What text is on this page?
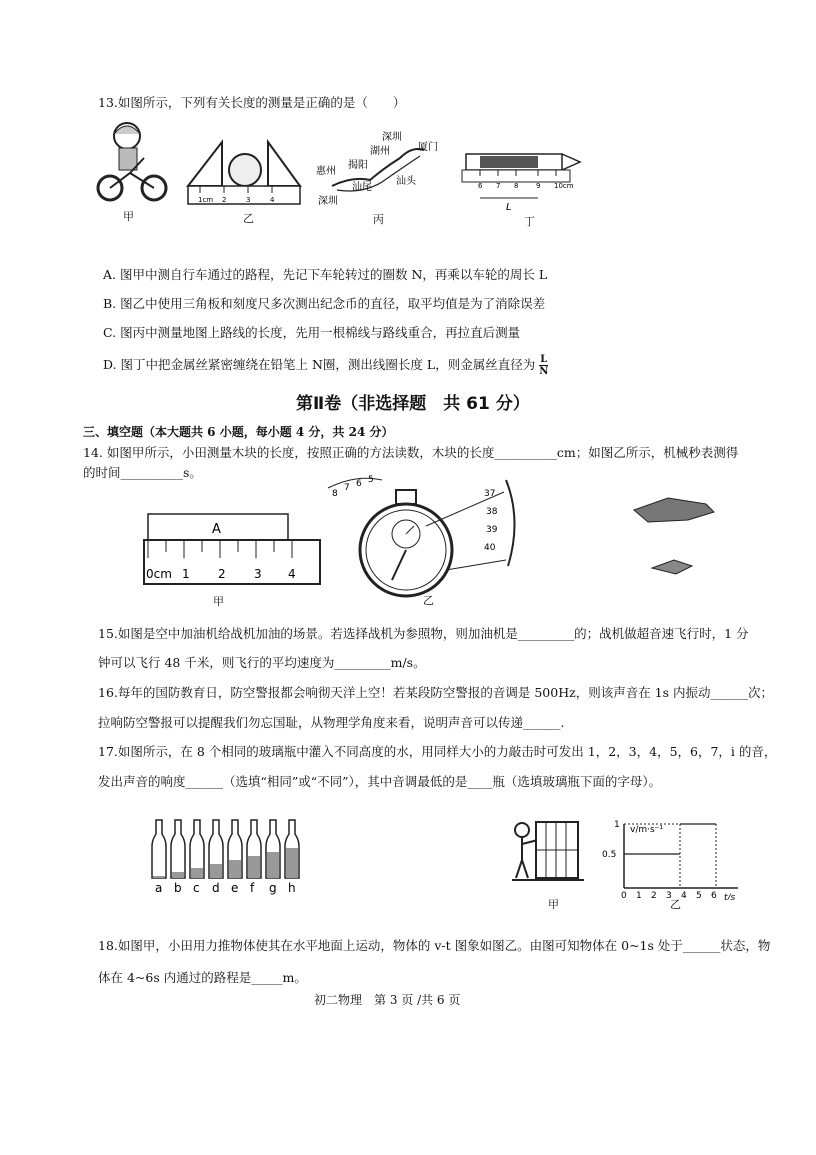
13.如图所示，下列有关长度的测量是正确的是（　　）
甲
1cm 2	3	4
乙
深圳
湖州	厦门
惠州
揭阳
汕尾
汕头
深圳
丙
6 7 8	9 10cm
L
丁
A. 图甲中测自行车通过的路程，先记下车轮转过的圈数 N，再乘以车轮的周长 L
B. 图乙中使用三角板和刻度尺多次测出纪念币的直径，取平均值是为了消除误差
C. 图丙中测量地图上路线的长度，先用一根棉线与路线重合，再拉直后测量
D. 图丁中把金属丝紧密缠绕在铅笔上 N圈，测出线圈长度 L，则金属丝直径为 $\frac{L}{N}$
第Ⅱ卷（非选择题　共 61 分）
三、填空题（本大题共 6 小题，每小题 4 分，共 24 分）
14. 如图甲所示，小田测量木块的长度，按照正确的方法读数，木块的长度__________cm；如图乙所示，机械秒表测得
的时间__________s。
A
0cm 1 2 3 4
甲
8
7 6 5
37
38
39
40
乙
15.如图是空中加油机给战机加油的场景。若选择战机为参照物，则加油机是_________的；战机做超音速飞行时，1 分
钟可以飞行 48 千米，则飞行的平均速度为_________m/s。
16.每年的国防教育日，防空警报都会响彻天洋上空！若某段防空警报的音调是 500Hz，则该声音在 1s 内振动______次；
拉响防空警报可以提醒我们勿忘国耻，从物理学角度来看，说明声音可以传递______.
17.如图所示，在 8 个相同的玻璃瓶中灌入不同高度的水，用同样大小的力敲击时可发出 1，2，3，4，5，6，7，i 的音，
发出声音的响度______（选填“相同”或“不同”），其中音调最低的是____瓶（选填玻璃瓶下面的字母）。
a b c d e f g h
甲
v/m·s⁻¹
t/s
1
0.5
0 1 2 3 4 5 6
乙
18.如图甲，小田用力推物体使其在水平地面上运动，物体的 v-t 图象如图乙。由图可知物体在 0~1s 处于______状态，物
体在 4~6s 内通过的路程是_____m。
初二物理　第 3 页 /共 6 页
